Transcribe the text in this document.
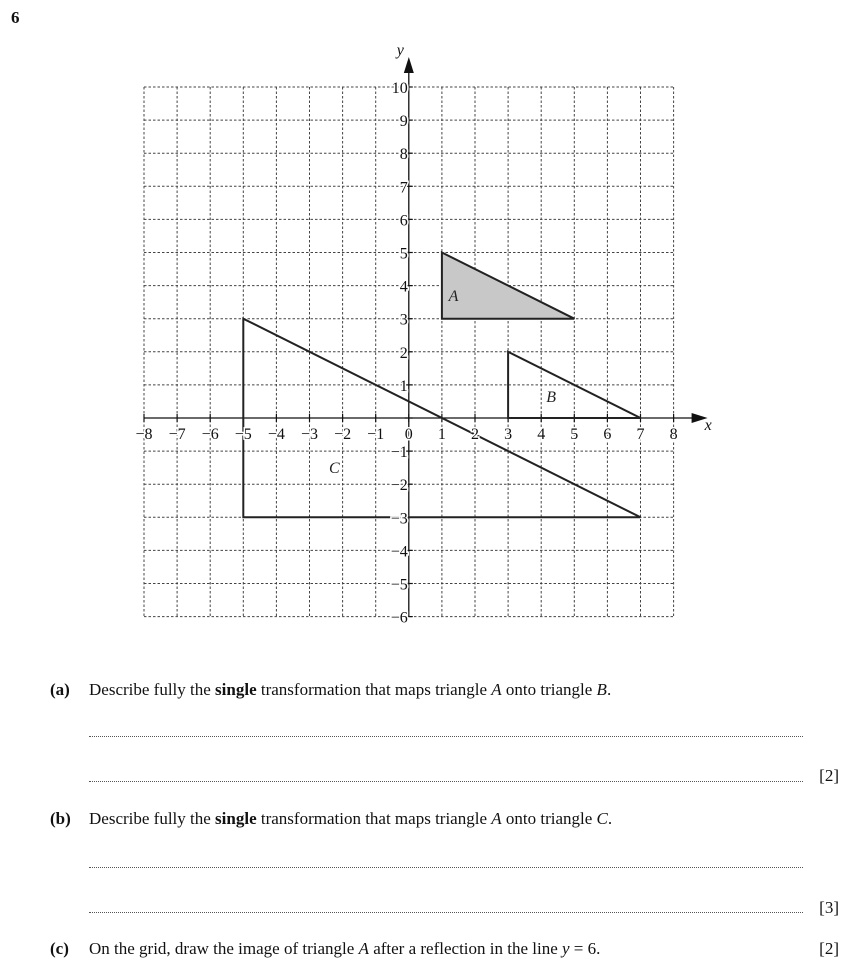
6
A
B
C
x
y
−8 −7 −6 −5 −4 −3 −2 −1 0 1 2 3 4 5 6 7 8
10
9
8
7
6
5
4
3
2
1
−1
−2
−3
−4
−5
−6
(a) Describe fully the single transformation that maps triangle A onto triangle B.
[2]
(b) Describe fully the single transformation that maps triangle A onto triangle C.
[3]
(c) On the grid, draw the image of triangle A after a reflection in the line y = 6.	[2]
